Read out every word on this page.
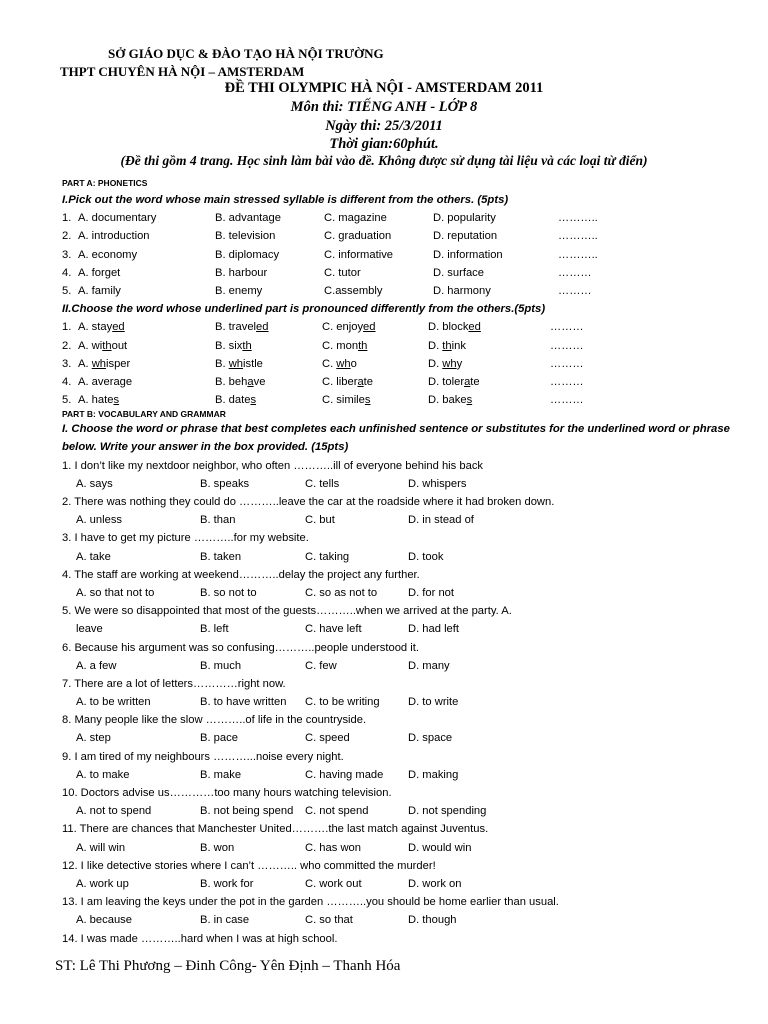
SỞ GIÁO DỤC & ĐÀO TẠO HÀ NỘI TRƯỜNG
THPT CHUYÊN HÀ NỘI – AMSTERDAM
ĐỀ THI OLYMPIC HÀ NỘI - AMSTERDAM 2011
Môn thi: TIẾNG ANH - LỚP 8
Ngày thi: 25/3/2011
Thời gian:60phút.
(Đề thi gồm 4 trang. Học sinh làm bài vào đề. Không được sử dụng tài liệu và các loại từ điển)
PART A: PHONETICS
I.Pick out the word whose main stressed syllable is different from the others. (5pts)
1. A. documentary	B. advantage	C. magazine	D. popularity	………..
2. A. introduction	B. television	C. graduation	D. reputation	………..
3. A. economy	B. diplomacy	C. informative	D. information	………..
4. A. forget	B. harbour	C. tutor	D. surface	………
5. A. family	B. enemy	C.assembly	D. harmony	………
II.Choose the word whose underlined part is pronounced differently from the others.(5pts)
1. A. stayed	B. traveled	C. enjoyed	D. blocked	………
2. A. without	B. sixth	C. month	D. think	………
3. A. whisper	B. whistle	C. who	D. why	………
4. A. average	B. behave	C. liberate	D. tolerate	………
5. A. hates	B. dates	C. similes	D. bakes	………
PART B: VOCABULARY AND GRAMMAR
I. Choose the word or phrase that best completes each unfinished sentence or substitutes for the underlined word or phrase
below. Write your answer in the box provided. (15pts)
1. I don’t like my nextdoor neighbor, who often ………..ill of everyone behind his back
A. says	B. speaks	C. tells	D. whispers
2. There was nothing they could do ………..leave the car at the roadside where it had broken down.
A. unless	B. than	C. but	D. in stead of
3. I have to get my picture ………..for my website.
A. take	B. taken	C. taking	D. took
4. The staff are working at weekend………..delay the project any further.
A. so that not to	B. so not to	C. so as not to	D. for not
5. We were so disappointed that most of the guests………..when we arrived at the party. A.
leave	B. left	C. have left	D. had left
6. Because his argument was so confusing………..people understood it.
A. a few	B. much	C. few	D. many
7. There are a lot of letters…………right now.
A. to be written	B. to have written C. to be writing	D. to write
8. Many people like the slow ………..of life in the countryside.
A. step	B. pace	C. speed	D. space
9. I am tired of my neighbours ………...noise every night.
A. to make	B. make	C. having made D. making
10. Doctors advise us…………too many hours watching television.
A. not to spend	B. not being spend C. not spend	D. not spending
11. There are chances that Manchester United……….the last match against Juventus.
A. will win	B. won	C. has won	D. would win
12. I like detective stories where I can’t ……….. who committed the murder!
A. work up	B. work for	C. work out	D. work on
13. I am leaving the keys under the pot in the garden ………..you should be home earlier than usual.
A. because	B. in case	C. so that	D. though
14. I was made ………..hard when I was at high school.
ST: Lê Thi Phương – Đinh Công- Yên Định – Thanh Hóa
